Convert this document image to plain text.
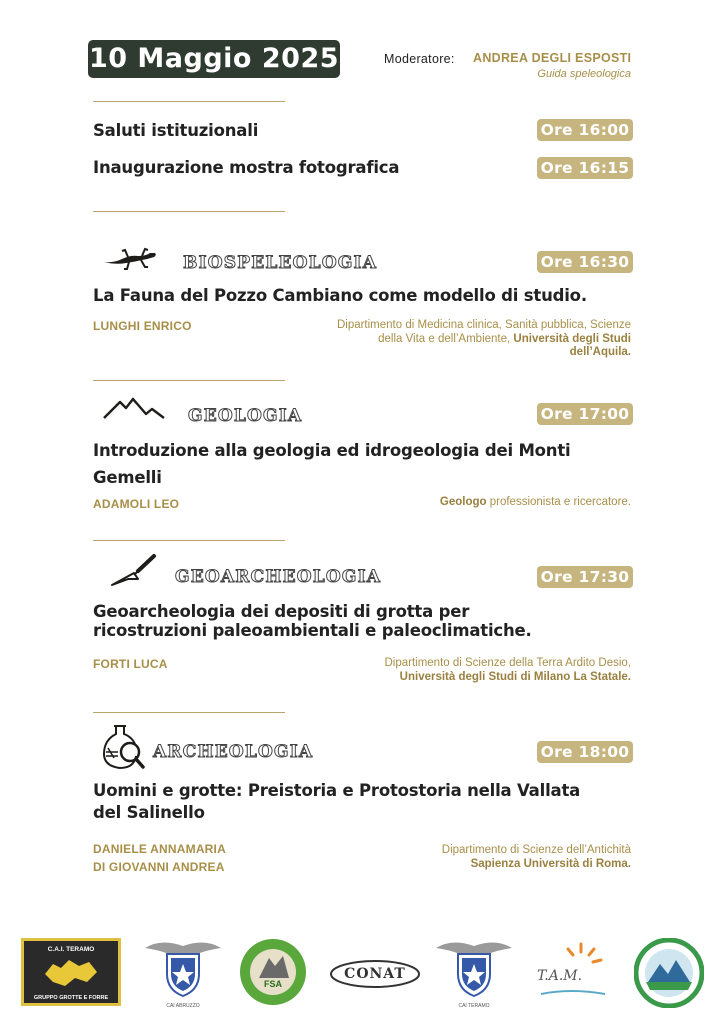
10 Maggio 2025	Moderatore: ANDREA DEGLI ESPOSTI
Guida speleologica
Saluti istituzionali	Ore 16:00
Inaugurazione mostra fotografica	Ore 16:15
BIOSPELEOLOGIA	Ore 16:30
La Fauna del Pozzo Cambiano come modello di studio.
LUNGHI ENRICO	Dipartimento di Medicina clinica, Sanità pubblica, Scienze
della Vita e dell’Ambiente, Università degli Studi
dell’Aquila.
GEOLOGIA	Ore 17:00
Introduzione alla geologia ed idrogeologia dei Monti
Gemelli
ADAMOLI LEO	Geologo professionista e ricercatore.
GEOARCHEOLOGIA	Ore 17:30
Geoarcheologia dei depositi di grotta per
ricostruzioni paleoambientali e paleoclimatiche.
FORTI LUCA	Dipartimento di Scienze della Terra Ardito Desio,
Università degli Studi di Milano La Statale.
ARCHEOLOGIA	Ore 18:00
Uomini e grotte: Preistoria e Protostoria nella Vallata
del Salinello
DANIELE ANNAMARIA
DI GIOVANNI ANDREA
Dipartimento di Scienze dell’Antichità
Sapienza Università di Roma.
C.A.I. TERAMO
GRUPPO GROTTE E FORRE
CAI ABRUZZO
FSA
CONAT
CAI TERAMO
T.A.M.
